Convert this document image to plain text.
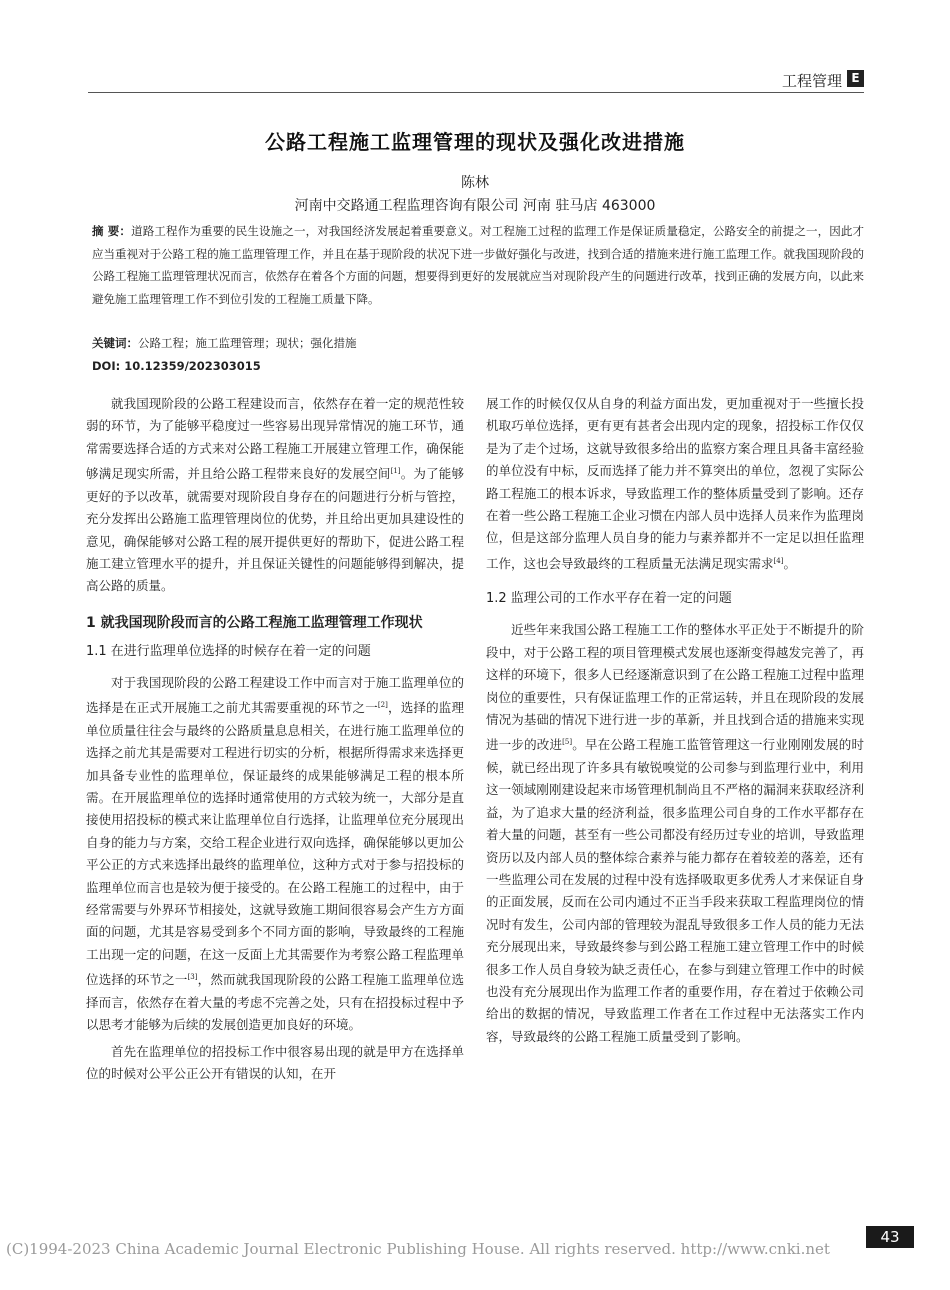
工程管理 E
公路工程施工监理管理的现状及强化改进措施
陈林
河南中交路通工程监理咨询有限公司 河南 驻马店 463000
摘 要：道路工程作为重要的民生设施之一，对我国经济发展起着重要意义。对工程施工过程的监理工作是保证质量稳定，公路安全的前提之一，因此才应当重视对于公路工程的施工监理管理工作，并且在基于现阶段的状况下进一步做好强化与改进，找到合适的措施来进行施工监理工作。就我国现阶段的公路工程施工监理管理状况而言，依然存在着各个方面的问题，想要得到更好的发展就应当对现阶段产生的问题进行改革，找到正确的发展方向，以此来避免施工监理管理工作不到位引发的工程施工质量下降。
关键词：公路工程；施工监理管理；现状；强化措施
DOI: 10.12359/202303015

就我国现阶段的公路工程建设而言，依然存在着一定的规范性较弱的环节，为了能够平稳度过一些容易出现异常情况的施工环节，通常需要选择合适的方式来对公路工程施工开展建立管理工作，确保能够满足现实所需，并且给公路工程带来良好的发展空间[1]。为了能够更好的予以改革，就需要对现阶段自身存在的问题进行分析与管控，充分发挥出公路施工监理管理岗位的优势，并且给出更加具建设性的意见，确保能够对公路工程的展开提供更好的帮助下，促进公路工程施工建立管理水平的提升，并且保证关键性的问题能够得到解决，提高公路的质量。

1 就我国现阶段而言的公路工程施工监理管理工作现状
1.1 在进行监理单位选择的时候存在着一定的问题

对于我国现阶段的公路工程建设工作中而言对于施工监理单位的选择是在正式开展施工之前尤其需要重视的环节之一[2]，选择的监理单位质量往往会与最终的公路质量息息相关，在进行施工监理单位的选择之前尤其是需要对工程进行切实的分析，根据所得需求来选择更加具备专业性的监理单位，保证最终的成果能够满足工程的根本所需。在开展监理单位的选择时通常使用的方式较为统一，大部分是直接使用招投标的模式来让监理单位自行选择，让监理单位充分展现出自身的能力与方案，交给工程企业进行双向选择，确保能够以更加公平公正的方式来选择出最终的监理单位，这种方式对于参与招投标的监理单位而言也是较为便于接受的。在公路工程施工的过程中，由于经常需要与外界环节相接处，这就导致施工期间很容易会产生方方面面的问题，尤其是容易受到多个不同方面的影响，导致最终的工程施工出现一定的问题，在这一反面上尤其需要作为考察公路工程监理单位选择的环节之一[3]，然而就我国现阶段的公路工程施工监理单位选择而言，依然存在着大量的考虑不完善之处，只有在招投标过程中予以思考才能够为后续的发展创造更加良好的环境。

首先在监理单位的招投标工作中很容易出现的就是甲方在选择单位的时候对公平公正公开有错误的认知，在开

展工作的时候仅仅从自身的利益方面出发，更加重视对于一些擅长投机取巧单位选择，更有更有甚者会出现内定的现象，招投标工作仅仅是为了走个过场，这就导致很多给出的监察方案合理且具备丰富经验的单位没有中标，反而选择了能力并不算突出的单位，忽视了实际公路工程施工的根本诉求，导致监理工作的整体质量受到了影响。还存在着一些公路工程施工企业习惯在内部人员中选择人员来作为监理岗位，但是这部分监理人员自身的能力与素养都并不一定足以担任监理工作，这也会导致最终的工程质量无法满足现实需求[4]。

1.2 监理公司的工作水平存在着一定的问题

近些年来我国公路工程施工工作的整体水平正处于不断提升的阶段中，对于公路工程的项目管理模式发展也逐渐变得越发完善了，再这样的环境下，很多人已经逐渐意识到了在公路工程施工过程中监理岗位的重要性，只有保证监理工作的正常运转，并且在现阶段的发展情况为基础的情况下进行进一步的革新，并且找到合适的措施来实现进一步的改进[5]。早在公路工程施工监管管理这一行业刚刚发展的时候，就已经出现了许多具有敏锐嗅觉的公司参与到监理行业中，利用这一领域刚刚建设起来市场管理机制尚且不严格的漏洞来获取经济利益，为了追求大量的经济利益，很多监理公司自身的工作水平都存在着大量的问题，甚至有一些公司都没有经历过专业的培训，导致监理资历以及内部人员的整体综合素养与能力都存在着较差的落差，还有一些监理公司在发展的过程中没有选择吸取更多优秀人才来保证自身的正面发展，反而在公司内通过不正当手段来获取工程监理岗位的情况时有发生，公司内部的管理较为混乱导致很多工作人员的能力无法充分展现出来，导致最终参与到公路工程施工建立管理工作中的时候很多工作人员自身较为缺乏责任心，在参与到建立管理工作中的时候也没有充分展现出作为监理工作者的重要作用，存在着过于依赖公司给出的数据的情况，导致监理工作者在工作过程中无法落实工作内容，导致最终的公路工程施工质量受到了影响。

43
(C)1994-2023 China Academic Journal Electronic Publishing House. All rights reserved. http://www.cnki.net
